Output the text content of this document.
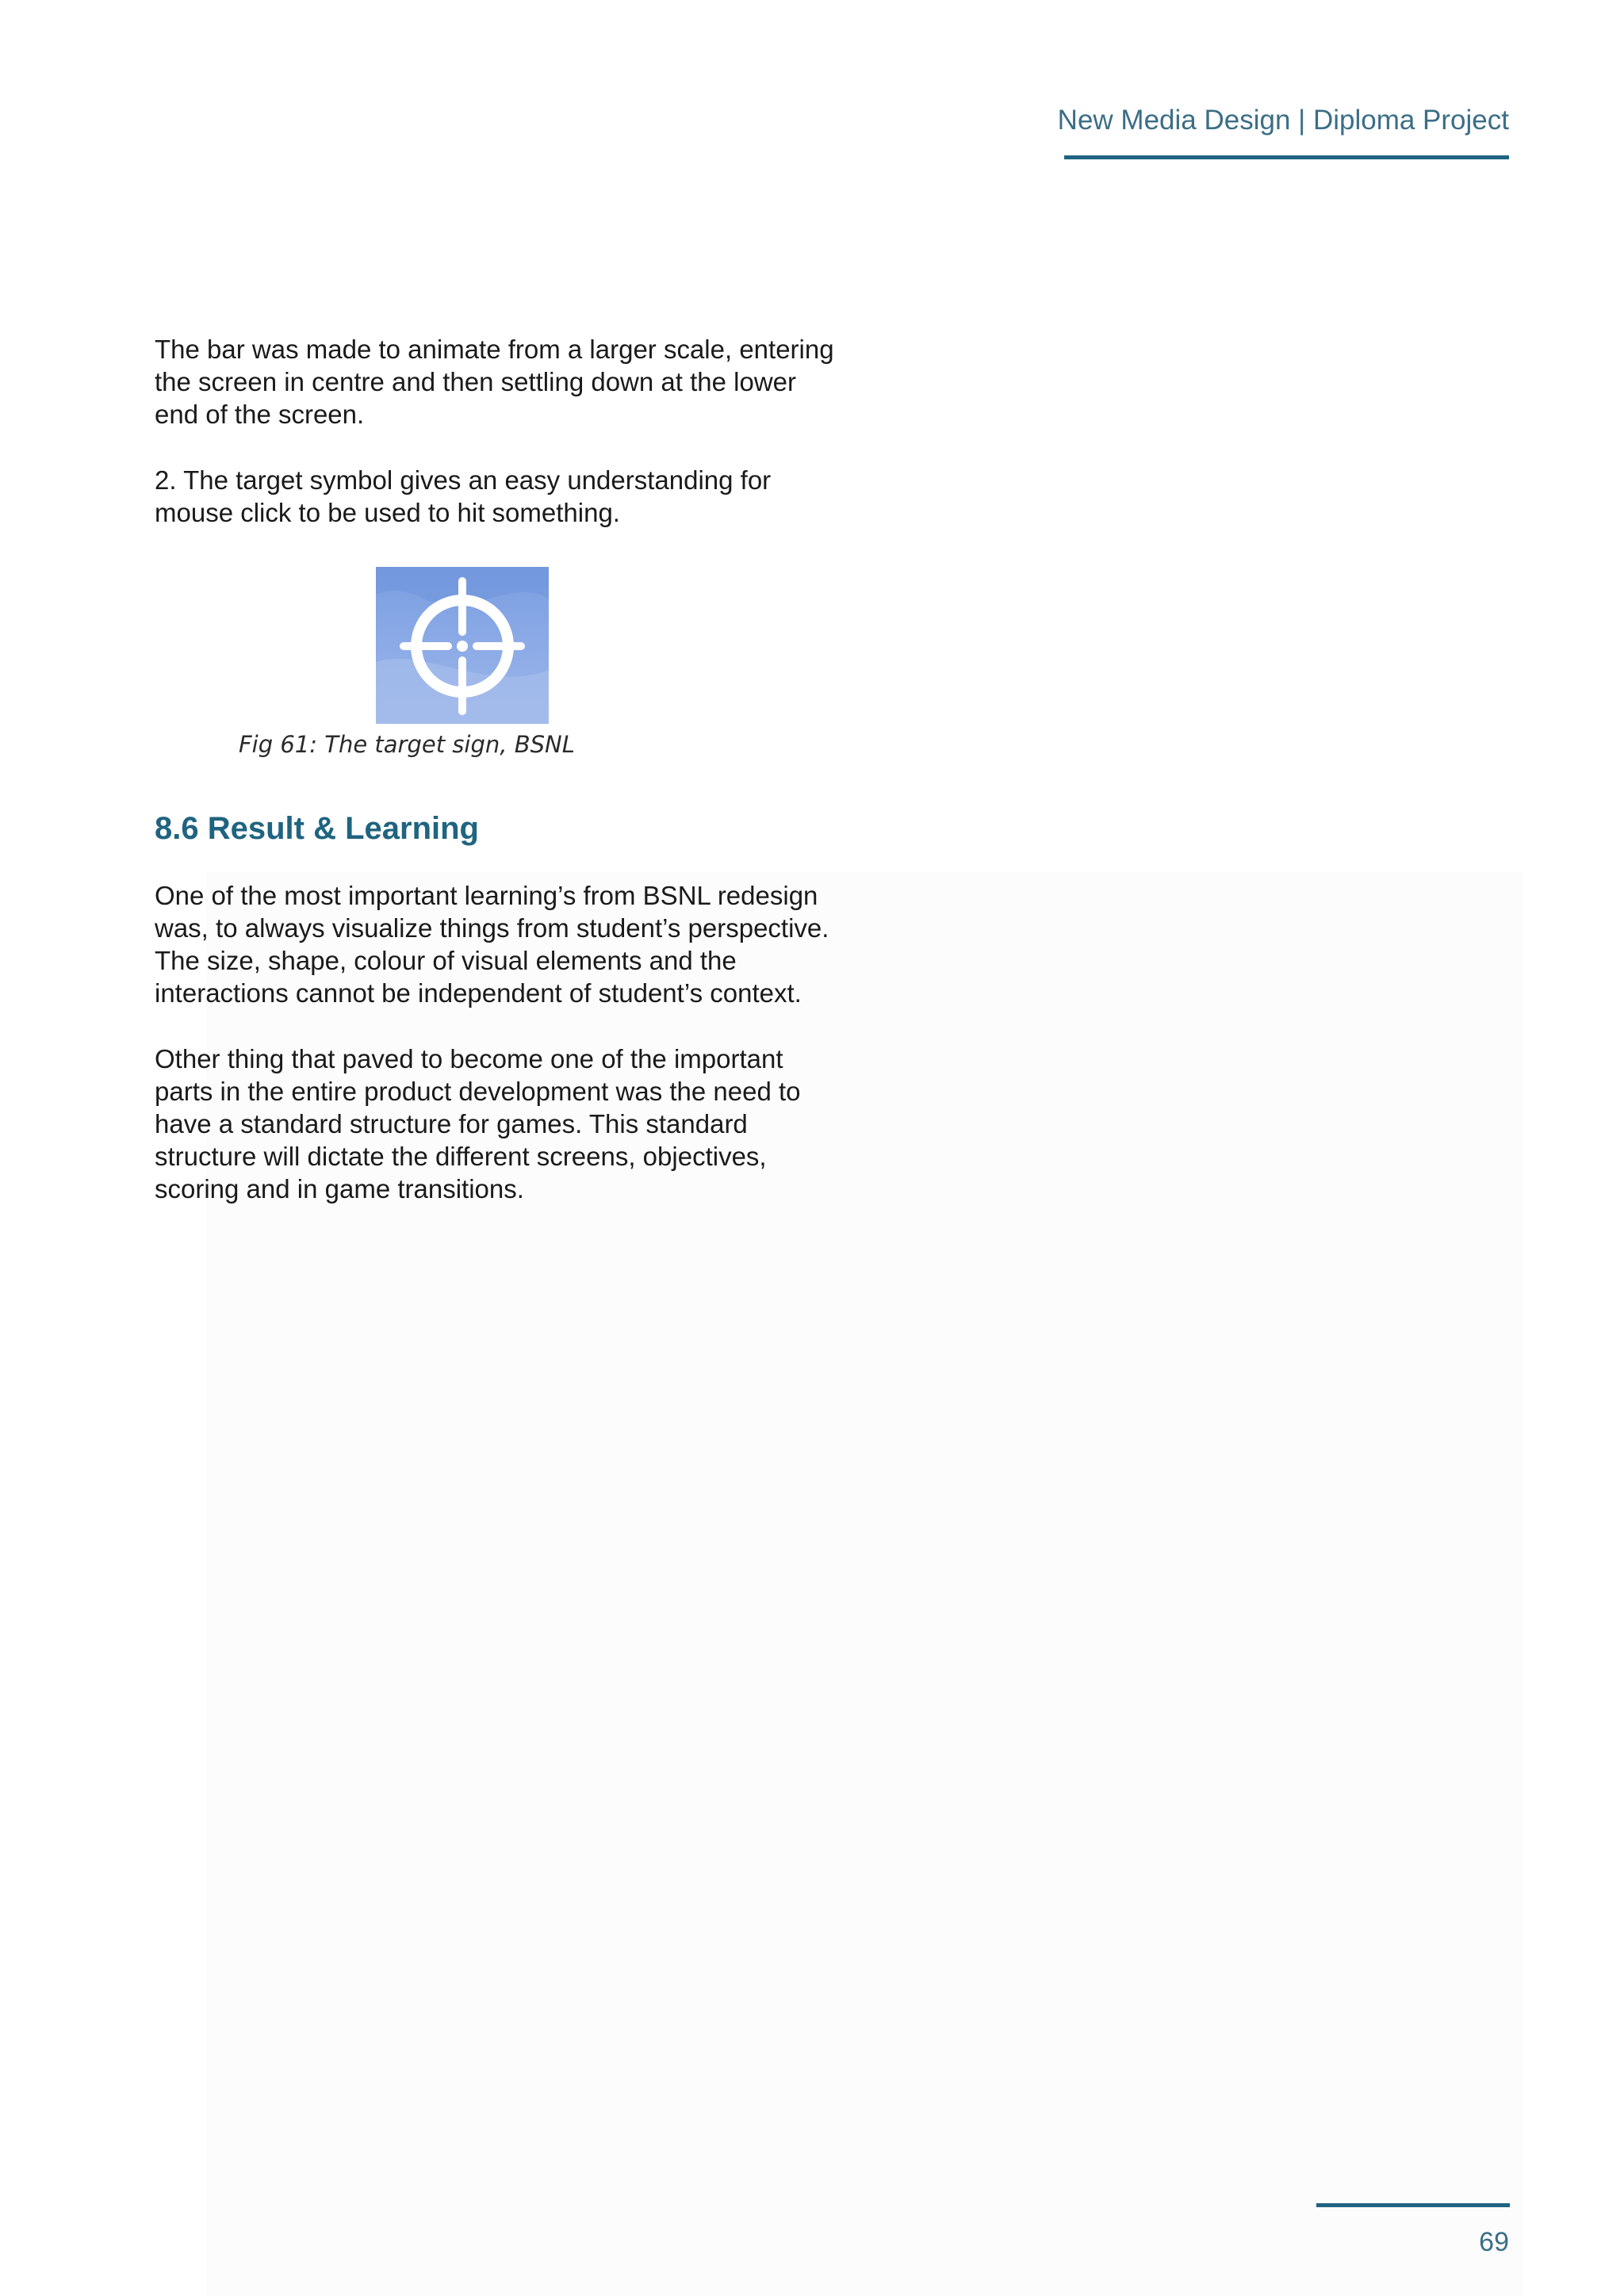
New Media Design | Diploma Project

The bar was made to animate from a larger scale, entering the screen in centre and then settling down at the lower end of the screen.

2. The target symbol gives an easy understanding for mouse click to be used to hit something.

Fig 61: The target sign, BSNL
8.6 Result & Learning

One of the most important learning’s from BSNL redesign was, to always visualize things from student’s perspective. The size, shape, colour of visual elements and the interactions cannot be independent of student’s context.

Other thing that paved to become one of the important parts in the entire product development was the need to have a standard structure for games. This standard structure will dictate the different screens, objectives, scoring and in game transitions.

69
